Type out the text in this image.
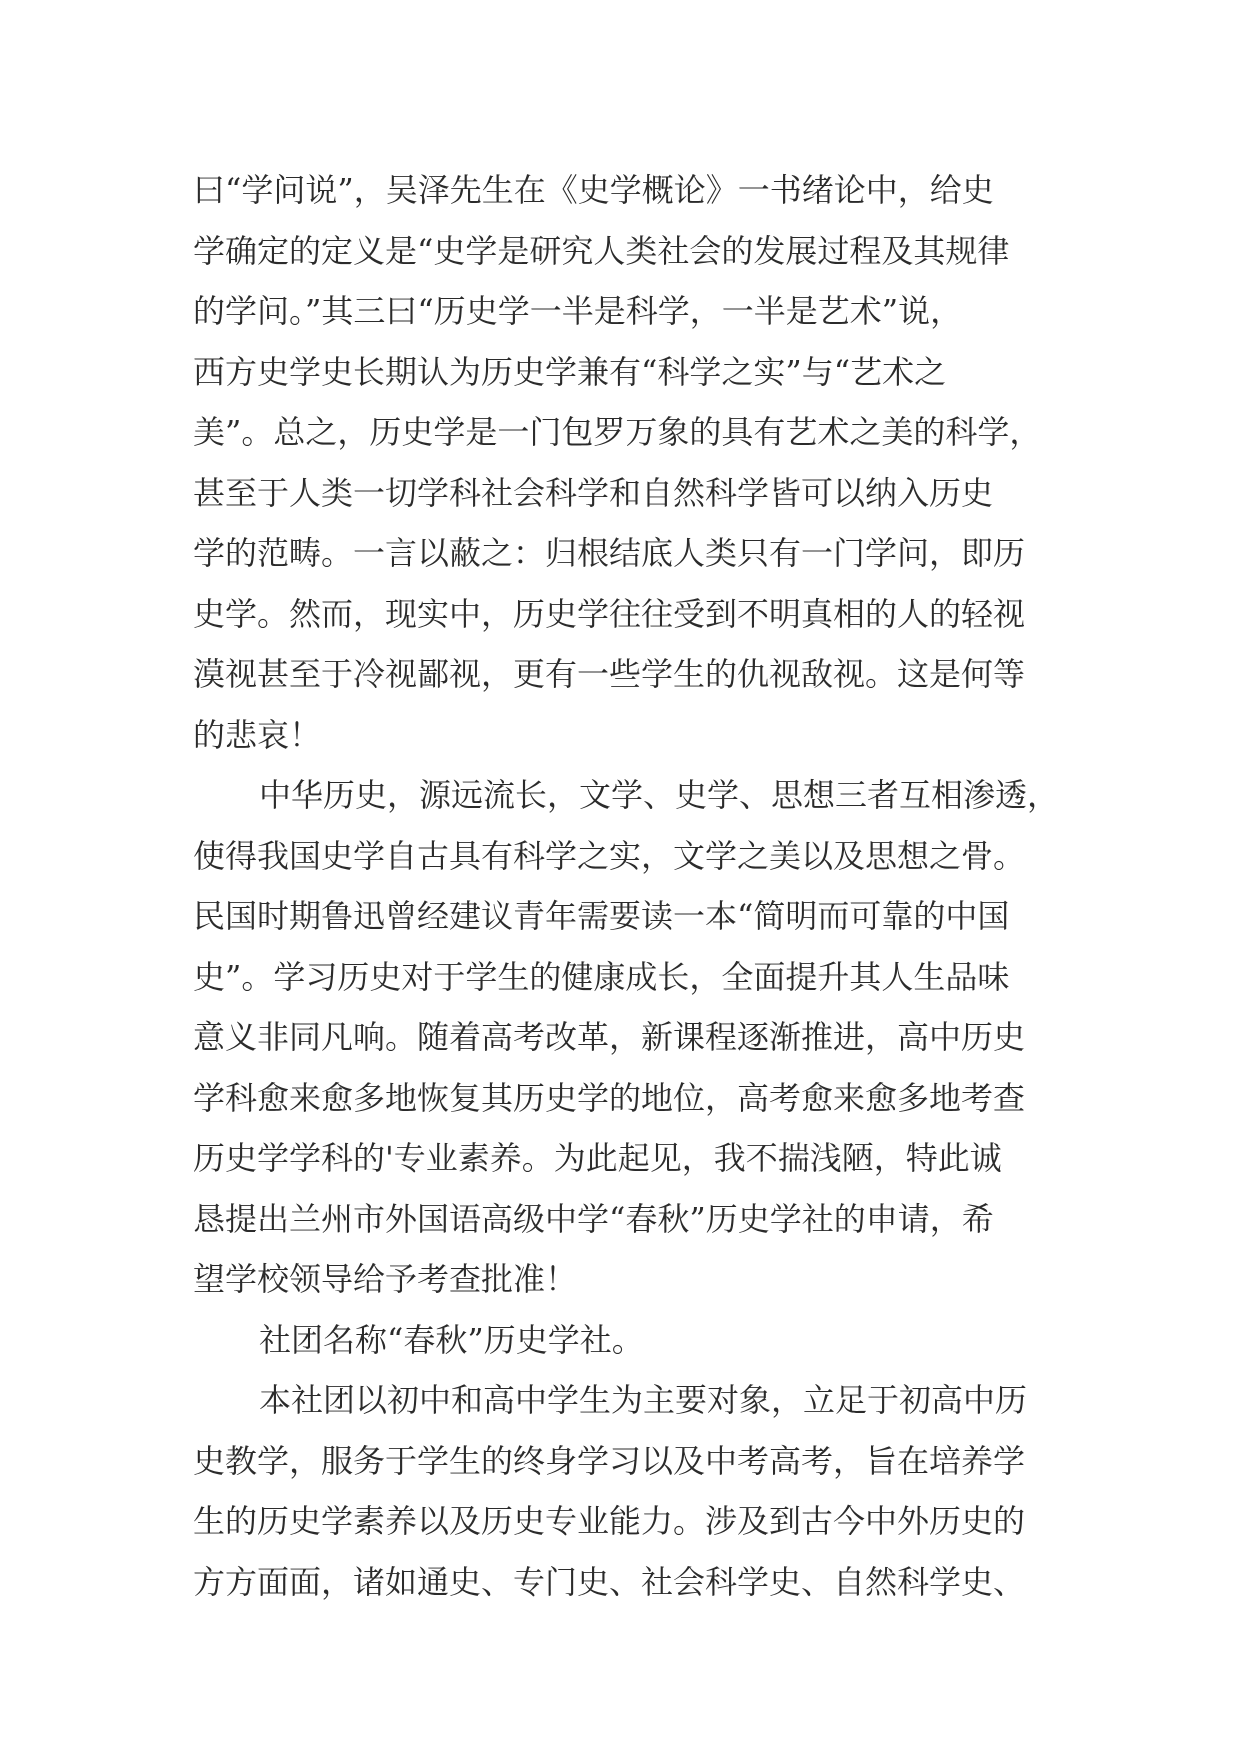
曰“学问说”，吴泽先生在《史学概论》一书绪论中，给史
学确定的定义是“史学是研究人类社会的发展过程及其规律
的学问。”其三曰“历史学一半是科学，一半是艺术”说，
西方史学史长期认为历史学兼有“科学之实”与“艺术之
美”。总之，历史学是一门包罗万象的具有艺术之美的科学，
甚至于人类一切学科社会科学和自然科学皆可以纳入历史
学的范畴。一言以蔽之：归根结底人类只有一门学问，即历
史学。然而，现实中，历史学往往受到不明真相的人的轻视
漠视甚至于冷视鄙视，更有一些学生的仇视敌视。这是何等
的悲哀！
中华历史，源远流长，文学、史学、思想三者互相渗透，
使得我国史学自古具有科学之实，文学之美以及思想之骨。
民国时期鲁迅曾经建议青年需要读一本“简明而可靠的中国
史”。学习历史对于学生的健康成长，全面提升其人生品味
意义非同凡响。随着高考改革，新课程逐渐推进，高中历史
学科愈来愈多地恢复其历史学的地位，高考愈来愈多地考查
历史学学科的'专业素养。为此起见，我不揣浅陋，特此诚
恳提出兰州市外国语高级中学“春秋”历史学社的申请，希
望学校领导给予考查批准！
社团名称“春秋”历史学社。
本社团以初中和高中学生为主要对象，立足于初高中历
史教学，服务于学生的终身学习以及中考高考，旨在培养学
生的历史学素养以及历史专业能力。涉及到古今中外历史的
方方面面，诸如通史、专门史、社会科学史、自然科学史、
